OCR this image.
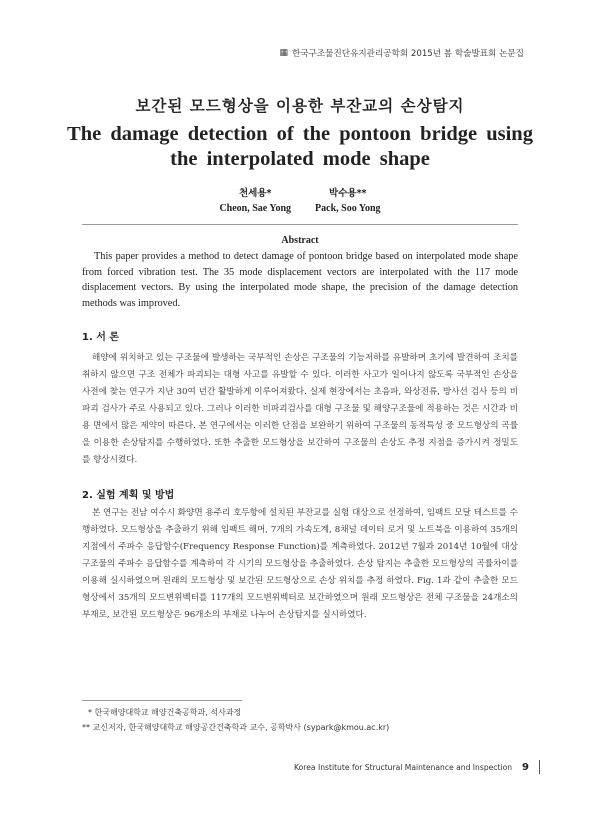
▦ 한국구조물진단유지관리공학회 2015년 봄 학술발표회 논문집
보간된 모드형상을 이용한 부잔교의 손상탐지
The damage detection of the pontoon bridge using the interpolated mode shape
천세용*
Cheon, Sae Yong
박수용**
Pack, Soo Yong
Abstract

This paper provides a method to detect damage of pontoon bridge based on interpolated mode shape from forced vibration test. The 35 mode displacement vectors are interpolated with the 117 mode displacement vectors. By using the interpolated mode shape, the precision of the damage detection methods was improved.

1. 서 론

해양에 위치하고 있는 구조물에 발생하는 국부적인 손상은 구조물의 기능저하를 유발하며 초기에 발견하여 조치를 취하지 않으면 구조 전체가 파괴되는 대형 사고를 유발할 수 있다. 이러한 사고가 일어나지 않도록 국부적인 손상을 사전에 찾는 연구가 지난 30여 년간 활발하게 이루어져왔다. 실제 현장에서는 초음파, 와상전류, 방사선 검사 등의 비파괴 검사가 주로 사용되고 있다. 그러나 이러한 비파괴검사를 대형 구조물 및 해양구조물에 적용하는 것은 시간과 비용 면에서 많은 제약이 따른다. 본 연구에서는 이러한 단점을 보완하기 위하여 구조물의 동적특성 중 모드형상의 곡률을 이용한 손상탐지를 수행하였다. 또한 추출한 모드형상을 보간하여 구조물의 손상도 추정 지점을 증가시켜 정밀도를 향상시켰다.

2. 실험 계획 및 방법

본 연구는 전남 여수시 화양면 용주리 호두항에 설치된 부잔교를 실험 대상으로 선정하여, 임팩트 모달 테스트를 수행하였다. 모드형상을 추출하기 위해 임팩트 해머, 7개의 가속도계, 8채널 데이터 로거 및 노트북을 이용하여 35개의 지점에서 주파수 응답함수(Frequency Response Function)를 계측하였다. 2012년 7월과 2014년 10월에 대상 구조물의 주파수 응답함수를 계측하여 각 시기의 모드형상을 추출하였다. 손상 탐지는 추출한 모드형상의 곡률차이를 이용해 실시하였으며 원래의 모드형상 및 보간된 모드형상으로 손상 위치를 추정 하였다. Fig. 1과 같이 추출한 모드형상에서 35개의 모드변위벡터를 117개의 모드변위벡터로 보간하였으며 원래 모드형상은 전체 구조물을 24개소의 부재로, 보간된 모드형상은 96개소의 부재로 나누어 손상탐지를 실시하였다.

* 한국해양대학교 해양건축공학과, 석사과정

** 교신저자, 한국해양대학교 해양공간건축학과 교수, 공학박사 (sypark@kmou.ac.kr)

Korea Institute for Structural Maintenance and Inspection 9
